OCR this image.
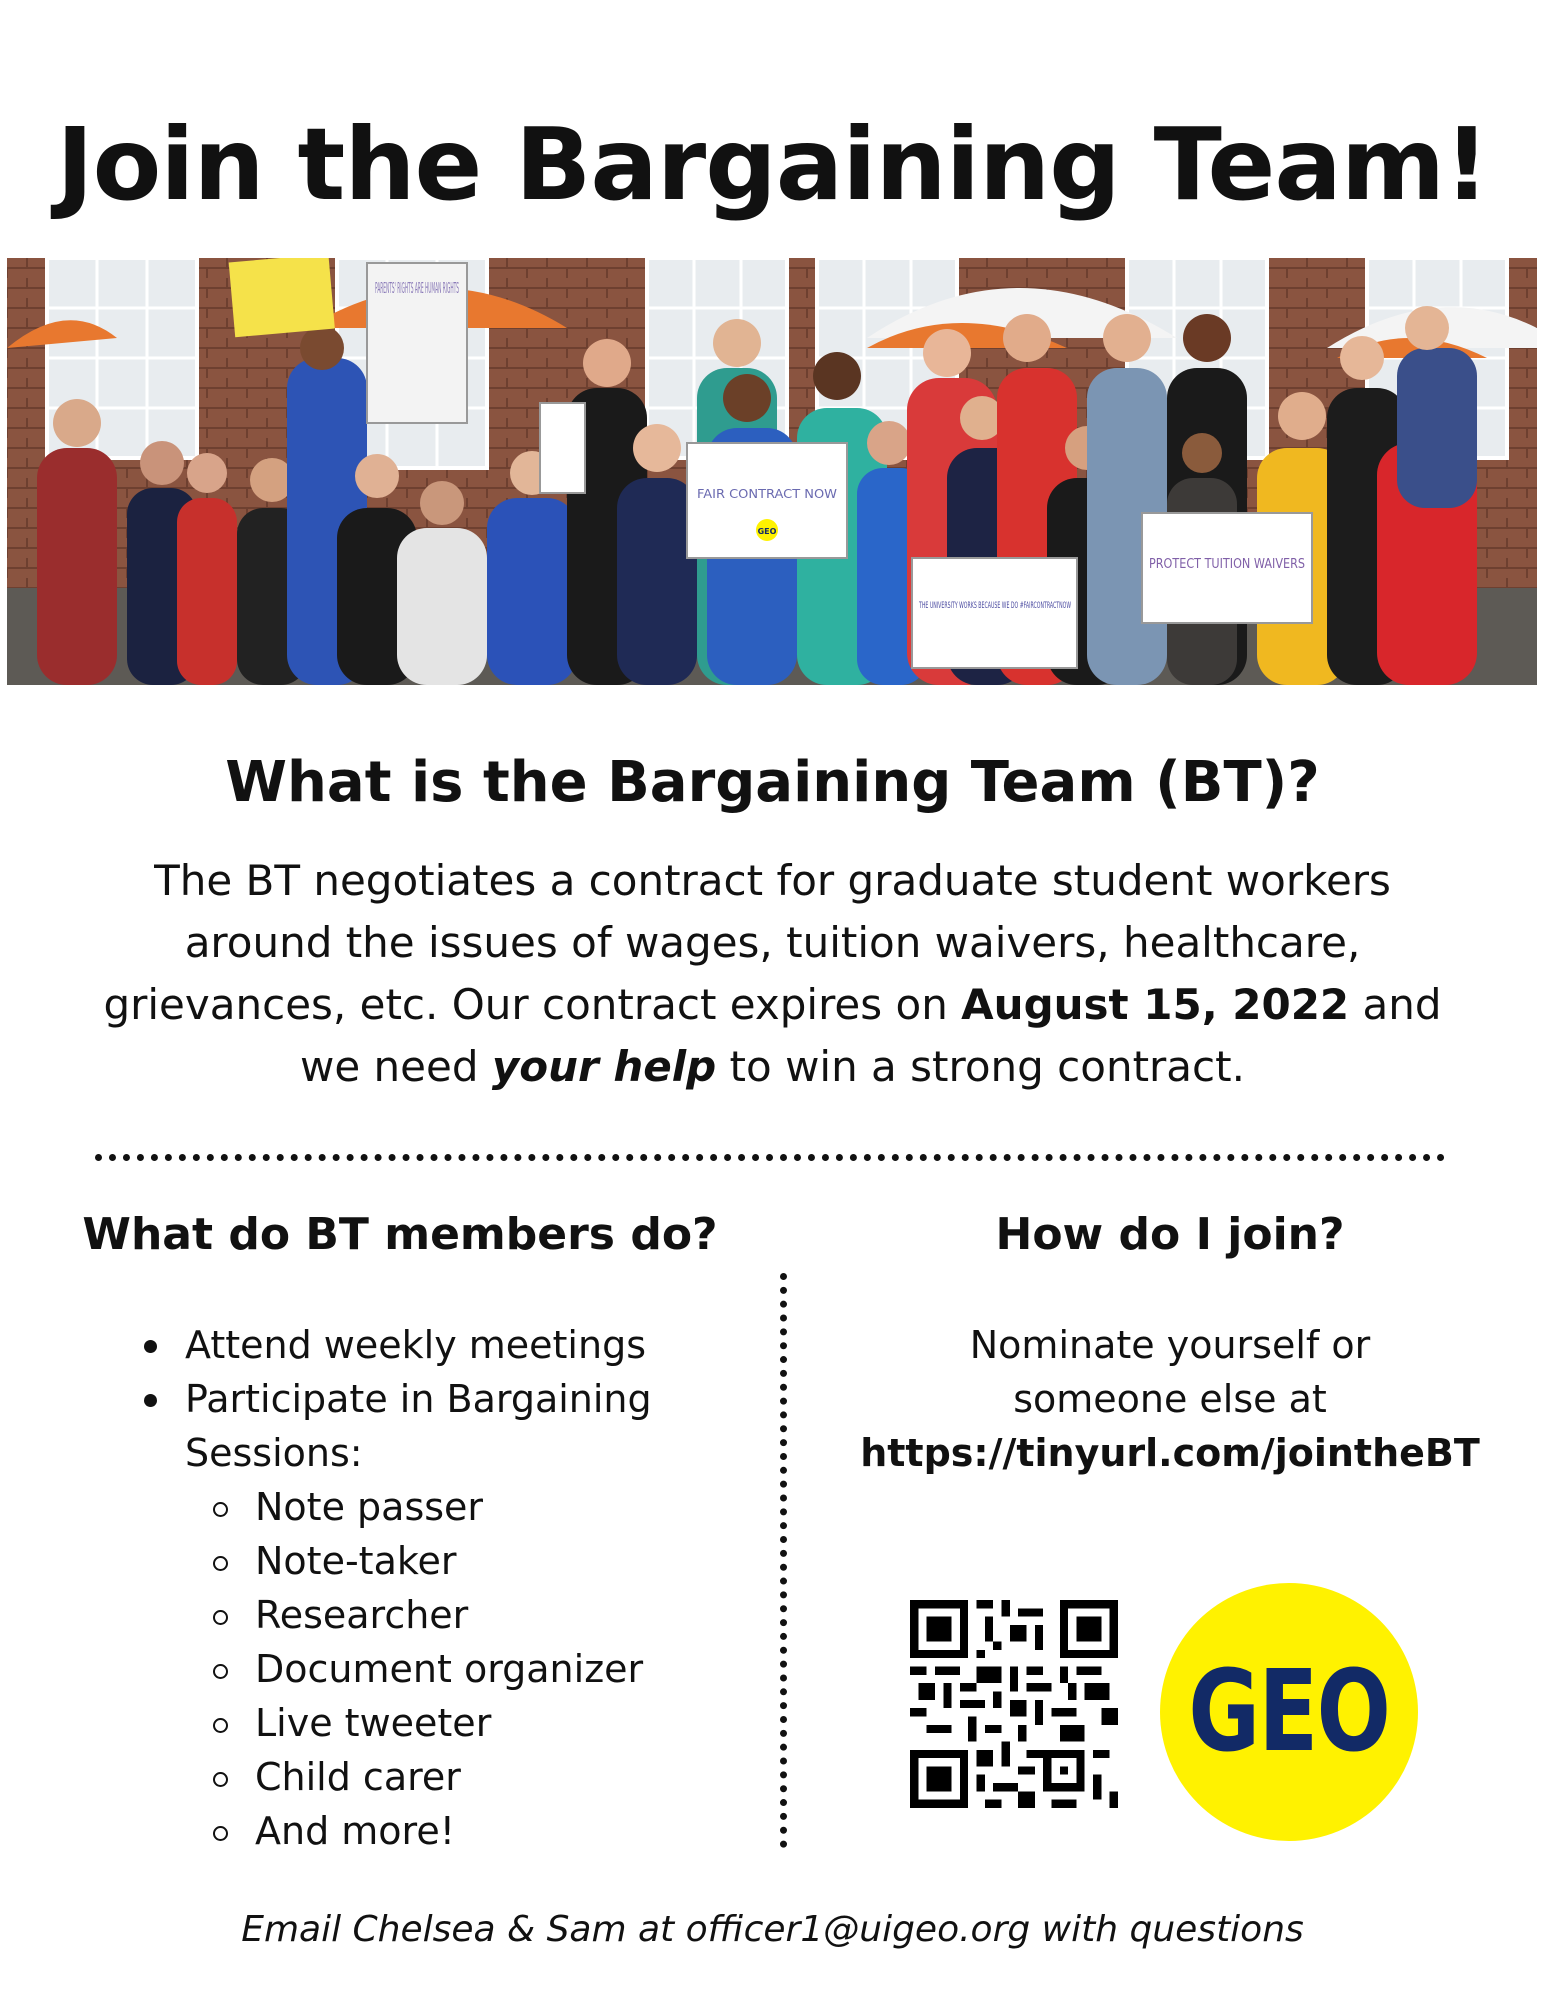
Join the Bargaining Team!
PARENTS' RIGHTS ARE HUMAN RIGHTS
FAIR CONTRACT NOW
THE UNIVERSITY WORKS BECAUSE WE DO #FAIRCONTRACTNOW
PROTECT TUITION WAIVERS
GEO
What is the Bargaining Team (BT)?
The BT negotiates a contract for graduate student workers around the issues of wages, tuition waivers, healthcare, grievances, etc. Our contract expires on August 15, 2022 and we need your help to win a strong contract.
What do BT members do?	How do I join?
Attend weekly meetings
Participate in Bargaining Sessions:
Note passer
Note-taker
Researcher
Document organizer
Live tweeter
Child carer
And more!
Nominate yourself or
someone else at
https://tinyurl.com/jointheBT
GEO
Email Chelsea & Sam at officer1@uigeo.org with questions
